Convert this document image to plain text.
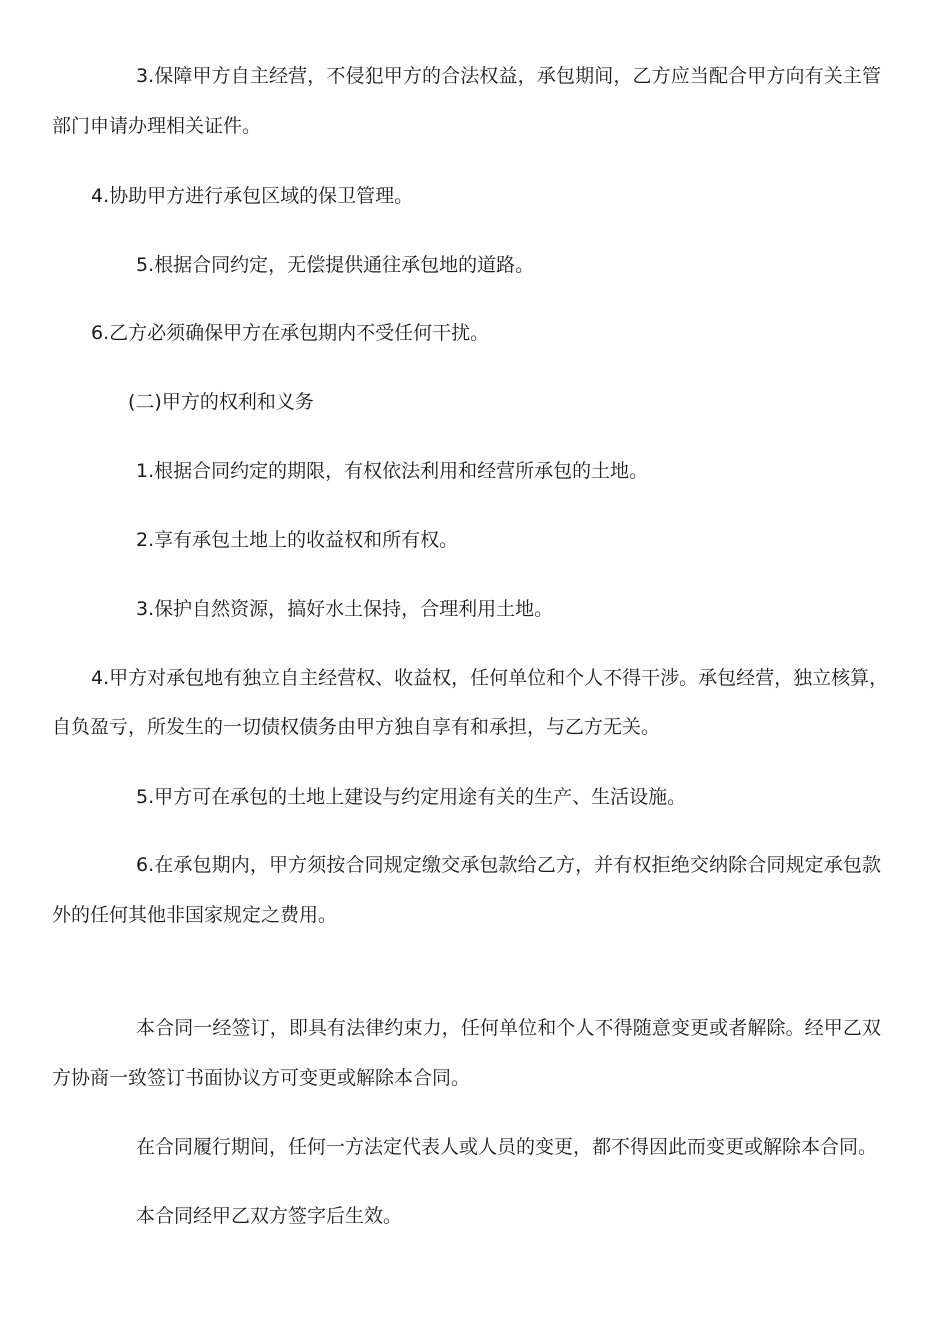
3.保障甲方自主经营，不侵犯甲方的合法权益，承包期间，乙方应当配合甲方向有关主管

部门申请办理相关证件。

4.协助甲方进行承包区域的保卫管理。

5.根据合同约定，无偿提供通往承包地的道路。

6.乙方必须确保甲方在承包期内不受任何干扰。

(二)甲方的权利和义务

1.根据合同约定的期限，有权依法利用和经营所承包的土地。

2.享有承包土地上的收益权和所有权。

3.保护自然资源，搞好水土保持，合理利用土地。

4.甲方对承包地有独立自主经营权、收益权，任何单位和个人不得干涉。承包经营，独立核算，

自负盈亏，所发生的一切债权债务由甲方独自享有和承担，与乙方无关。

5.甲方可在承包的土地上建设与约定用途有关的生产、生活设施。

6.在承包期内，甲方须按合同规定缴交承包款给乙方，并有权拒绝交纳除合同规定承包款

外的任何其他非国家规定之费用。

本合同一经签订，即具有法律约束力，任何单位和个人不得随意变更或者解除。经甲乙双

方协商一致签订书面协议方可变更或解除本合同。

在合同履行期间，任何一方法定代表人或人员的变更，都不得因此而变更或解除本合同。

本合同经甲乙双方签字后生效。
